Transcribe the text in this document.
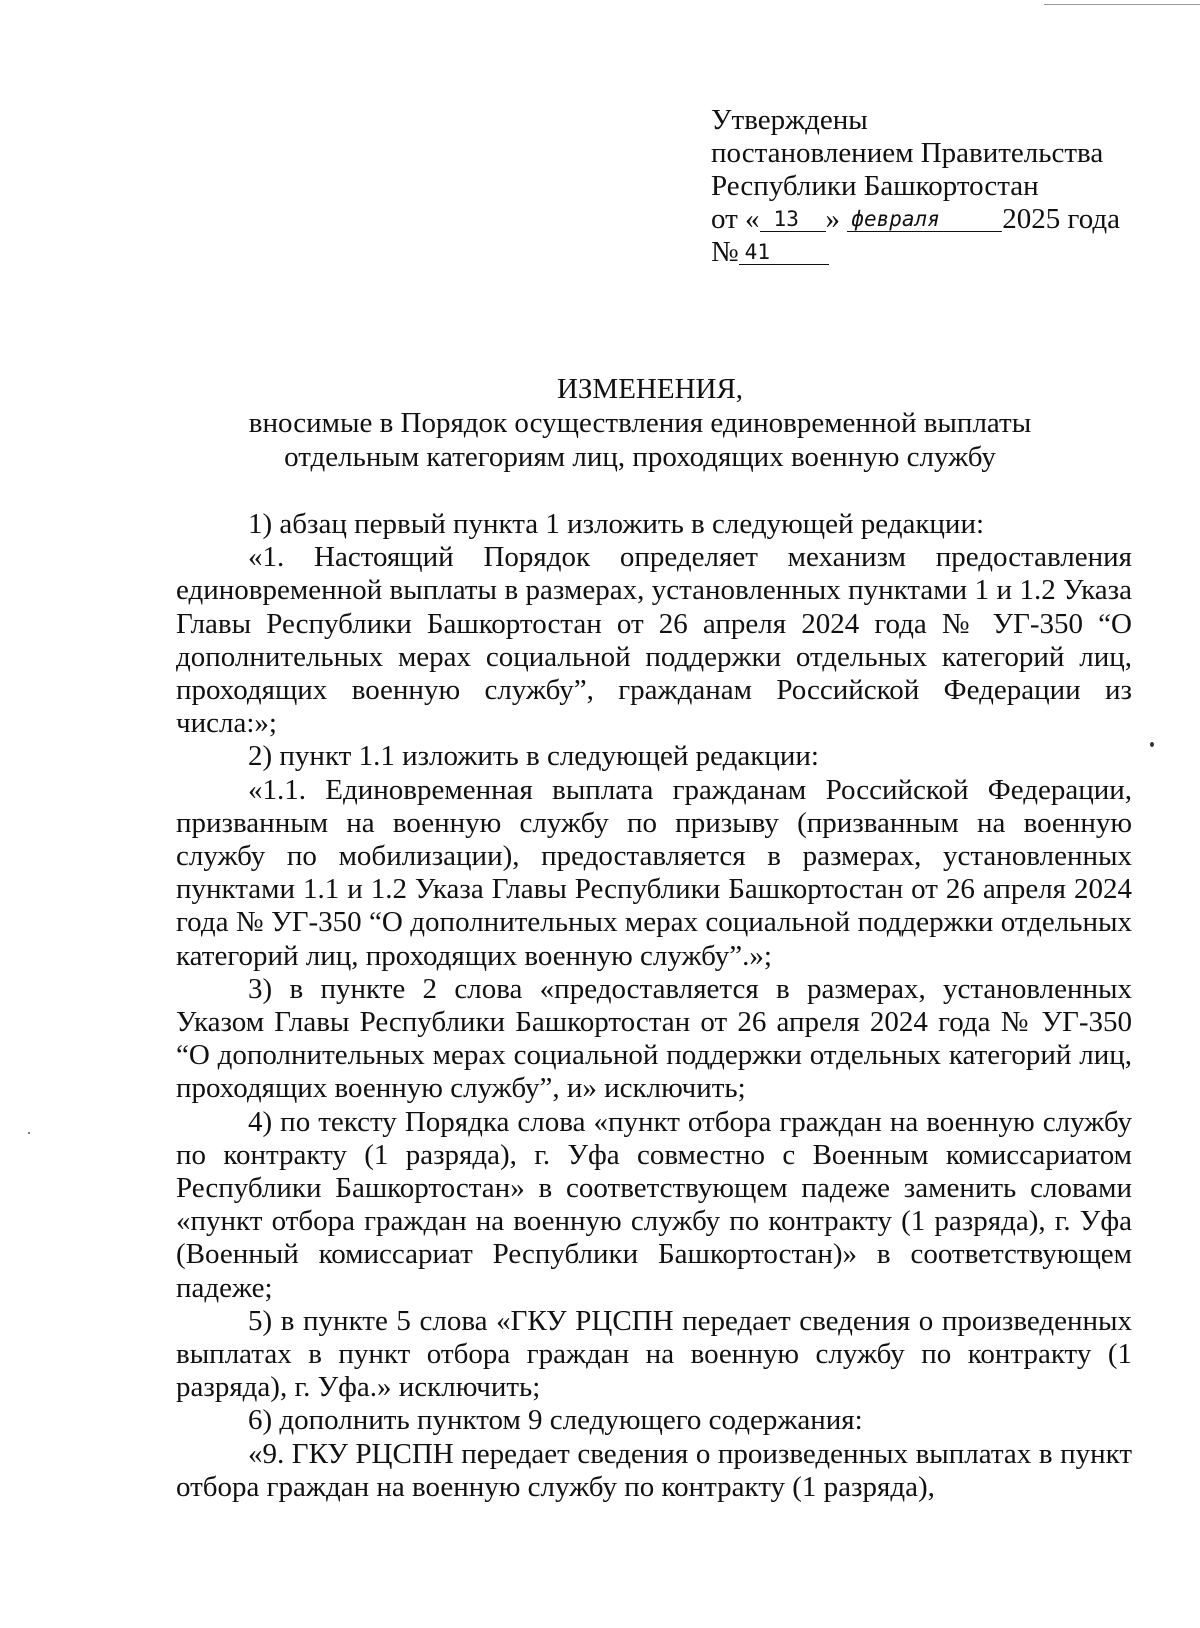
Утверждены
постановлением Правительства
Республики Башкортостан
от « 13 » февраля 2025 года
№ 41
ИЗМЕНЕНИЯ,
вносимые в Порядок осуществления единовременной выплаты
отдельным категориям лиц, проходящих военную службу

1) абзац первый пункта 1 изложить в следующей редакции:

«1. Настоящий Порядок определяет механизм предоставления единовременной выплаты в размерах, установленных пунктами 1 и 1.2 Указа Главы Республики Башкортостан от 26 апреля 2024 года № УГ-350 “О дополнительных мерах социальной поддержки отдельных категорий лиц, проходящих военную службу”, гражданам Российской Федерации из числа:»;

2) пункт 1.1 изложить в следующей редакции:

«1.1. Единовременная выплата гражданам Российской Федерации, призванным на военную службу по призыву (призванным на военную службу по мобилизации), предоставляется в размерах, установленных пунктами 1.1 и 1.2 Указа Главы Республики Башкортостан от 26 апреля 2024 года № УГ-350 “О дополнительных мерах социальной поддержки отдельных категорий лиц, проходящих военную службу”.»;

3) в пункте 2 слова «предоставляется в размерах, установленных Указом Главы Республики Башкортостан от 26 апреля 2024 года № УГ-350 “О дополнительных мерах социальной поддержки отдельных категорий лиц, проходящих военную службу”, и» исключить;

4) по тексту Порядка слова «пункт отбора граждан на военную службу по контракту (1 разряда), г. Уфа совместно с Военным комиссариатом Республики Башкортостан» в соответствующем падеже заменить словами «пункт отбора граждан на военную службу по контракту (1 разряда), г. Уфа (Военный комиссариат Республики Башкортостан)» в соответствующем падеже;

5) в пункте 5 слова «ГКУ РЦСПН передает сведения о произведенных выплатах в пункт отбора граждан на военную службу по контракту (1 разряда), г. Уфа.» исключить;

6) дополнить пунктом 9 следующего содержания:

«9. ГКУ РЦСПН передает сведения о произведенных выплатах в пункт отбора граждан на военную службу по контракту (1 разряда),
